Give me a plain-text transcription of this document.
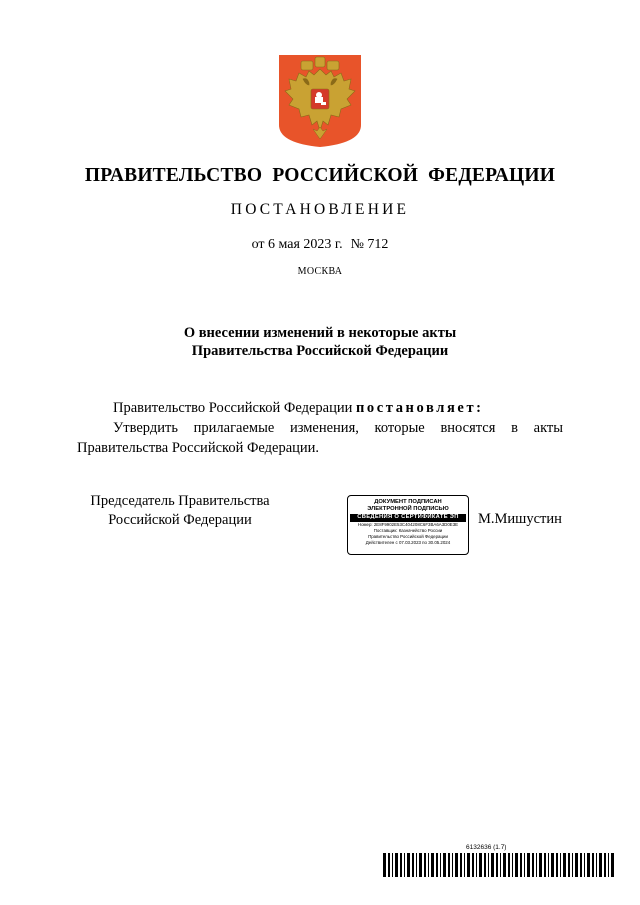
ПРАВИТЕЛЬСТВО РОССИЙСКОЙ ФЕДЕРАЦИИ
ПОСТАНОВЛЕНИЕ
от 6 мая 2023 г. № 712
МОСКВА
О внесении изменений в некоторые акты
Правительства Российской Федерации

Правительство Российской Федерации постановляет:

Утвердить прилагаемые изменения, которые вносятся в акты Правительства Российской Федерации.

Председатель Правительства
Российской Федерации
ДОКУМЕНТ ПОДПИСАН
ЭЛЕКТРОННОЙ ПОДПИСЬЮ
СВЕДЕНИЯ О СЕРТИФИКАТЕ ЭП
Номер: 2E8F9902E53C404208C6F3BA6A3D0E3E
Поставщик: Казначейство России
Правительство Российской Федерации
Действителен с 07.03.2023 по 30.05.2024
М.Мишустин
6132636 (1.7)
